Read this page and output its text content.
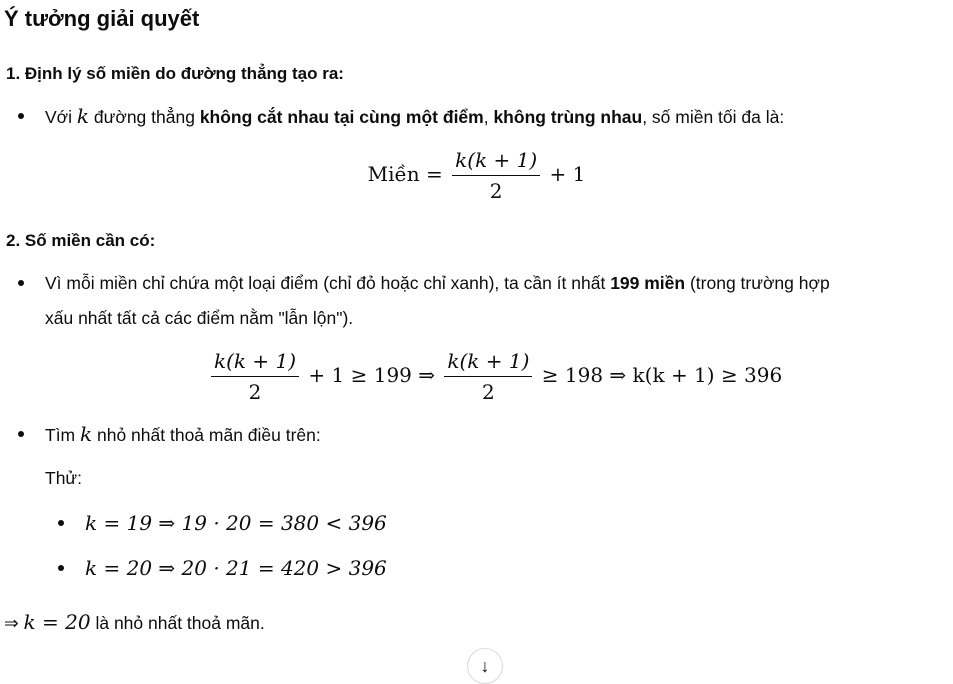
Ý tưởng giải quyết
1. Định lý số miền do đường thẳng tạo ra:
Với k đường thẳng không cắt nhau tại cùng một điểm, không trùng nhau, số miền tối đa là:
Miền = $\frac{k(k + 1)}{2} + 1$
2. Số miền cần có:
Vì mỗi miền chỉ chứa một loại điểm (chỉ đỏ hoặc chỉ xanh), ta cần ít nhất 199 miền (trong trường hợp
xấu nhất tất cả các điểm nằm "lẫn lộn").
$\frac{k(k + 1)}{2} + 1 \ge 199$ ⇒ $\frac{k(k + 1)}{2} \ge 198$ ⇒ k(k + 1) ≥ 396
Tìm k nhỏ nhất thoả mãn điều trên:
Thử:
k = 19 ⇒ 19 · 20 = 380 < 396
k = 20 ⇒ 20 · 21 = 420 > 396
⇒ k = 20 là nhỏ nhất thoả mãn.
↓
